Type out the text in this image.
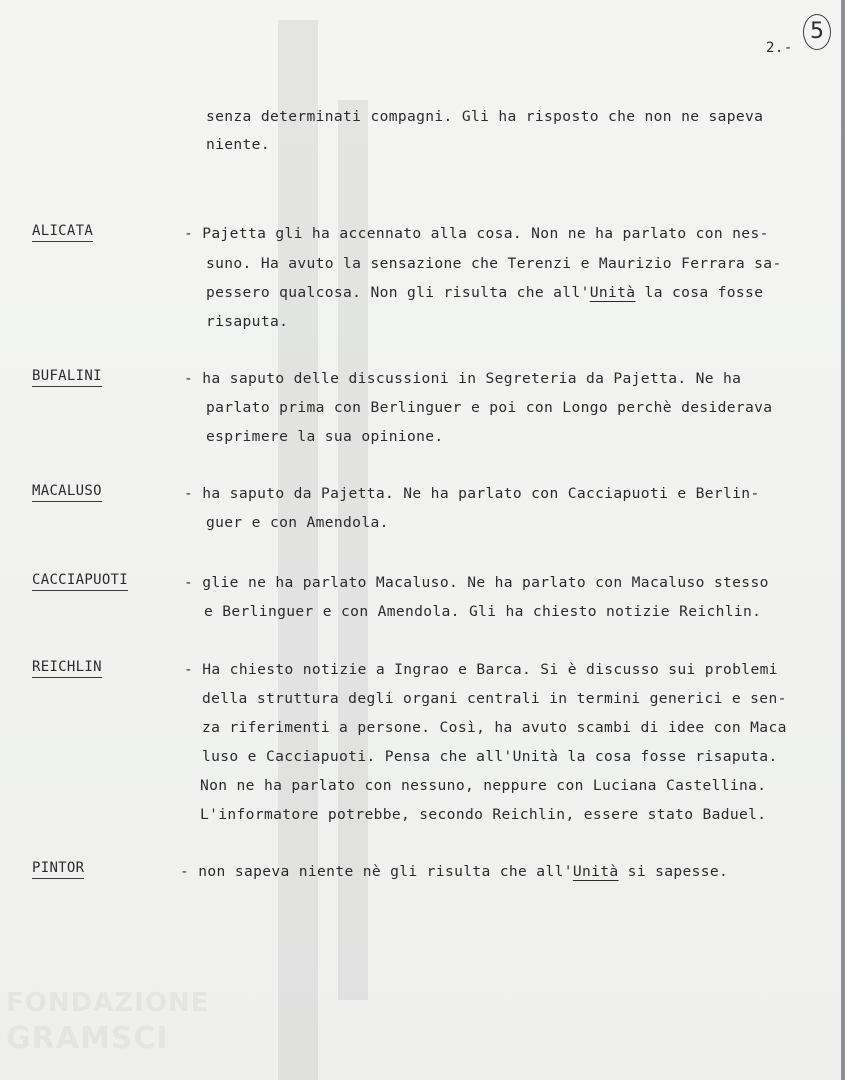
2.-
5
senza determinati compagni. Gli ha risposto che non ne sapeva
niente.
ALICATA	- Pajetta gli ha accennato alla cosa. Non ne ha parlato con nes-
suno. Ha avuto la sensazione che Terenzi e Maurizio Ferrara sa-
pessero qualcosa. Non gli risulta che all'Unità la cosa fosse
risaputa.
BUFALINI	- ha saputo delle discussioni in Segreteria da Pajetta. Ne ha
parlato prima con Berlinguer e poi con Longo perchè desiderava
esprimere la sua opinione.
MACALUSO	- ha saputo da Pajetta. Ne ha parlato con Cacciapuoti e Berlin-
guer e con Amendola.
CACCIAPUOTI	- glie ne ha parlato Macaluso. Ne ha parlato con Macaluso stesso
e Berlinguer e con Amendola. Gli ha chiesto notizie Reichlin.
REICHLIN	- Ha chiesto notizie a Ingrao e Barca. Si è discusso sui problemi
della struttura degli organi centrali in termini generici e sen-
za riferimenti a persone. Così, ha avuto scambi di idee con Maca
luso e Cacciapuoti. Pensa che all'Unità la cosa fosse risaputa.
Non ne ha parlato con nessuno, neppure con Luciana Castellina.
L'informatore potrebbe, secondo Reichlin, essere stato Baduel.
PINTOR	- non sapeva niente nè gli risulta che all'Unità si sapesse.
FONDAZIONE
GRAMSCI
